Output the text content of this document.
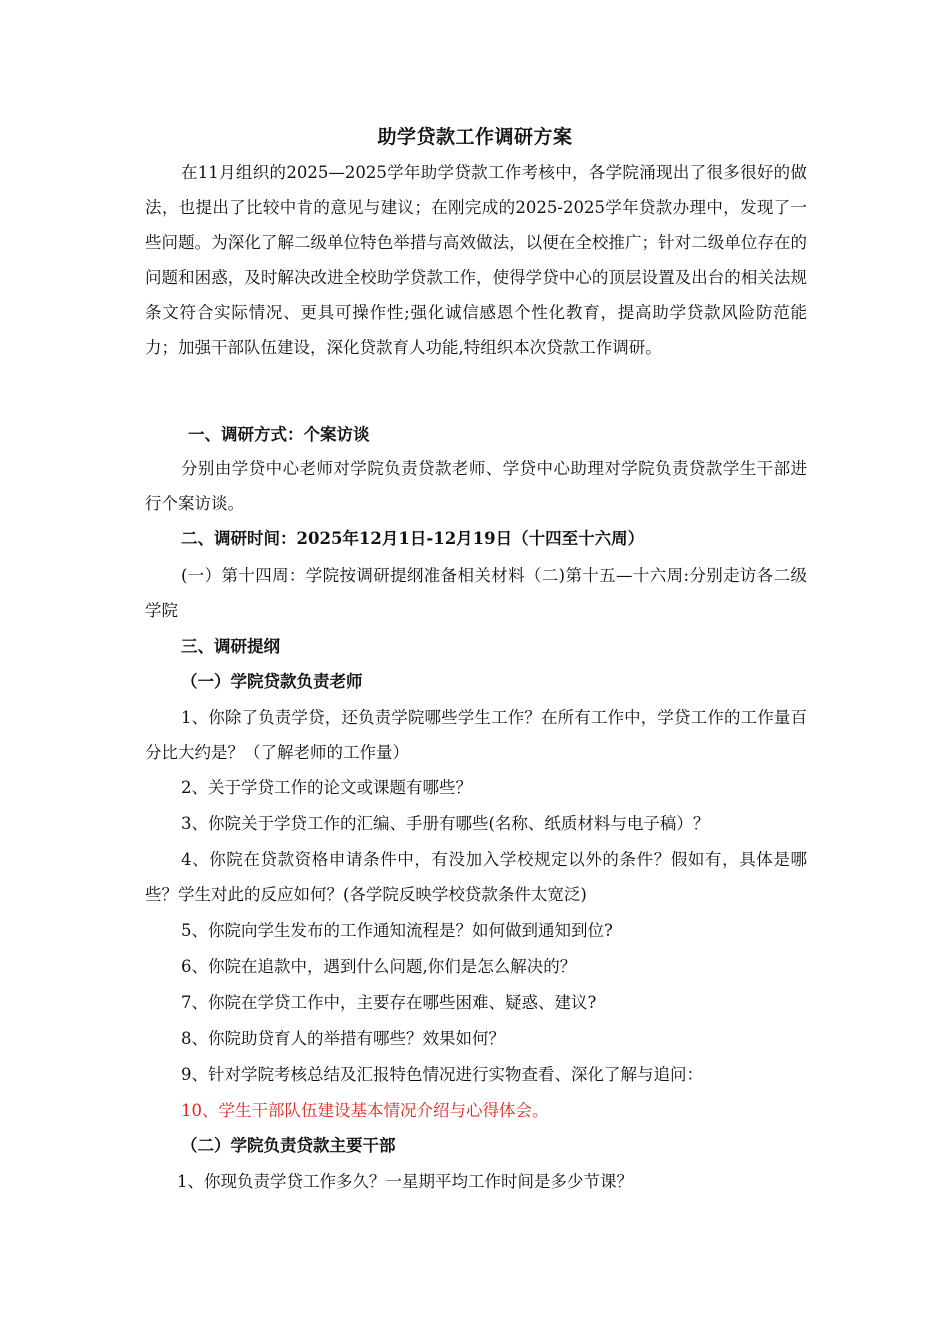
助学贷款工作调研方案

在11月组织的2025—2025学年助学贷款工作考核中，各学院涌现出了很多很好的做法，也提出了比较中肯的意见与建议；在刚完成的2025-2025学年贷款办理中，发现了一些问题。为深化了解二级单位特色举措与高效做法，以便在全校推广；针对二级单位存在的问题和困惑，及时解决改进全校助学贷款工作，使得学贷中心的顶层设置及出台的相关法规条文符合实际情况、更具可操作性;强化诚信感恩个性化教育，提高助学贷款风险防范能力；加强干部队伍建设，深化贷款育人功能,特组织本次贷款工作调研。

一、调研方式：个案访谈

分别由学贷中心老师对学院负责贷款老师、学贷中心助理对学院负责贷款学生干部进行个案访谈。

二、调研时间：2025年12月1日-12月19日（十四至十六周）

(一）第十四周：学院按调研提纲准备相关材料（二)第十五—十六周:分别走访各二级学院

三、调研提纲

（一）学院贷款负责老师

1、你除了负责学贷，还负责学院哪些学生工作？在所有工作中，学贷工作的工作量百分比大约是？（了解老师的工作量）

2、关于学贷工作的论文或课题有哪些？

3、你院关于学贷工作的汇编、手册有哪些(名称、纸质材料与电子稿）？

4、你院在贷款资格申请条件中，有没加入学校规定以外的条件？假如有，具体是哪些？学生对此的反应如何？(各学院反映学校贷款条件太宽泛)

5、你院向学生发布的工作通知流程是？如何做到通知到位?

6、你院在追款中，遇到什么问题,你们是怎么解决的？

7、你院在学贷工作中，主要存在哪些困难、疑惑、建议?

8、你院助贷育人的举措有哪些？效果如何？

9、针对学院考核总结及汇报特色情况进行实物查看、深化了解与追问：

10、学生干部队伍建设基本情况介绍与心得体会。

（二）学院负责贷款主要干部

1、你现负责学贷工作多久？一星期平均工作时间是多少节课？
